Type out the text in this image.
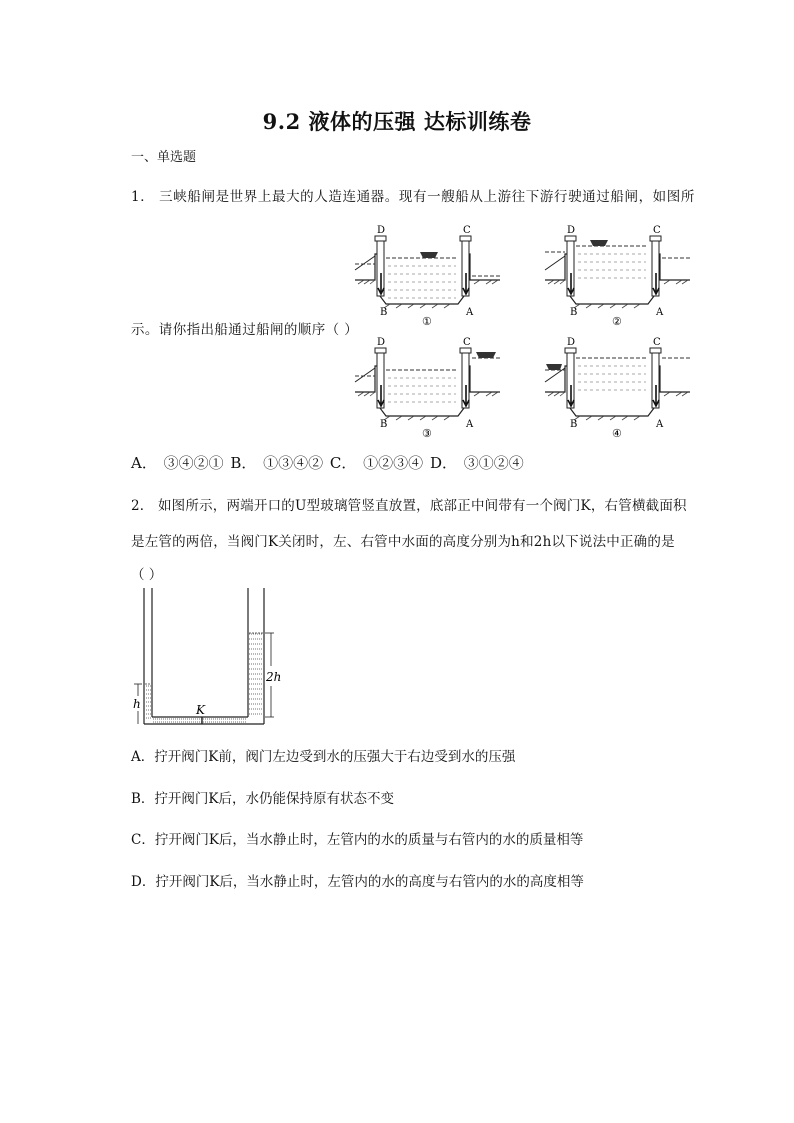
9.2 液体的压强 达标训练卷
一、单选题
1． 三峡船闸是世界上最大的人造连通器。现有一艘船从上游往下游行驶通过船闸，如图所
示。请你指出船通过船闸的顺序（ ）
D	C
B	A
①
D	C
B	A
②
D	C
B	A
③
D	C
B	A
④
A． ③④②① B． ①③④② C． ①②③④ D． ③①②④
2． 如图所示，两端开口的U型玻璃管竖直放置，底部正中间带有一个阀门K，右管横截面积
是左管的两倍，当阀门K关闭时，左、右管中水面的高度分别为h和2h以下说法中正确的是
（ ）
K
h
2h
A．拧开阀门K前，阀门左边受到水的压强大于右边受到水的压强
B．拧开阀门K后，水仍能保持原有状态不变
C．拧开阀门K后，当水静止时，左管内的水的质量与右管内的水的质量相等
D．拧开阀门K后，当水静止时，左管内的水的高度与右管内的水的高度相等
